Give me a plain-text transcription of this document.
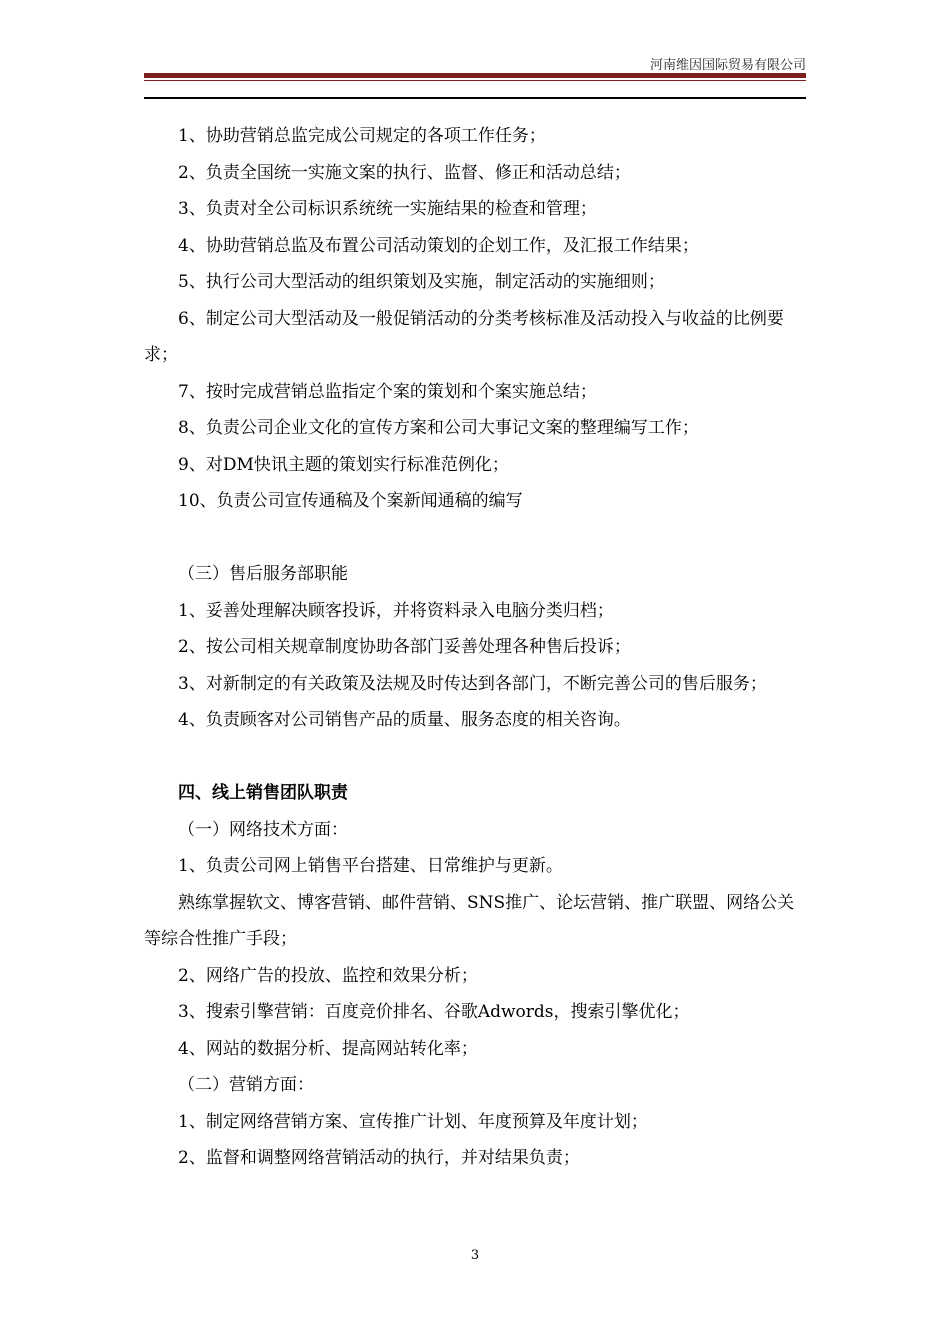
河南维因国际贸易有限公司

1、协助营销总监完成公司规定的各项工作任务；

2、负责全国统一实施文案的执行、监督、修正和活动总结；

3、负责对全公司标识系统统一实施结果的检查和管理；

4、协助营销总监及布置公司活动策划的企划工作，及汇报工作结果；

5、执行公司大型活动的组织策划及实施，制定活动的实施细则；

6、制定公司大型活动及一般促销活动的分类考核标准及活动投入与收益的比例要求；

7、按时完成营销总监指定个案的策划和个案实施总结；

8、负责公司企业文化的宣传方案和公司大事记文案的整理编写工作；

9、对DM快讯主题的策划实行标准范例化；

10、负责公司宣传通稿及个案新闻通稿的编写

（三）售后服务部职能

1、妥善处理解决顾客投诉，并将资料录入电脑分类归档；

2、按公司相关规章制度协助各部门妥善处理各种售后投诉；

3、对新制定的有关政策及法规及时传达到各部门，不断完善公司的售后服务；

4、负责顾客对公司销售产品的质量、服务态度的相关咨询。

四、线上销售团队职责

（一）网络技术方面：

1、负责公司网上销售平台搭建、日常维护与更新。

熟练掌握软文、博客营销、邮件营销、SNS推广、论坛营销、推广联盟、网络公关等综合性推广手段；

2、网络广告的投放、监控和效果分析；

3、搜索引擎营销：百度竞价排名、谷歌Adwords，搜索引擎优化；

4、网站的数据分析、提高网站转化率；

（二）营销方面：

1、制定网络营销方案、宣传推广计划、年度预算及年度计划；

2、监督和调整网络营销活动的执行，并对结果负责；

3
